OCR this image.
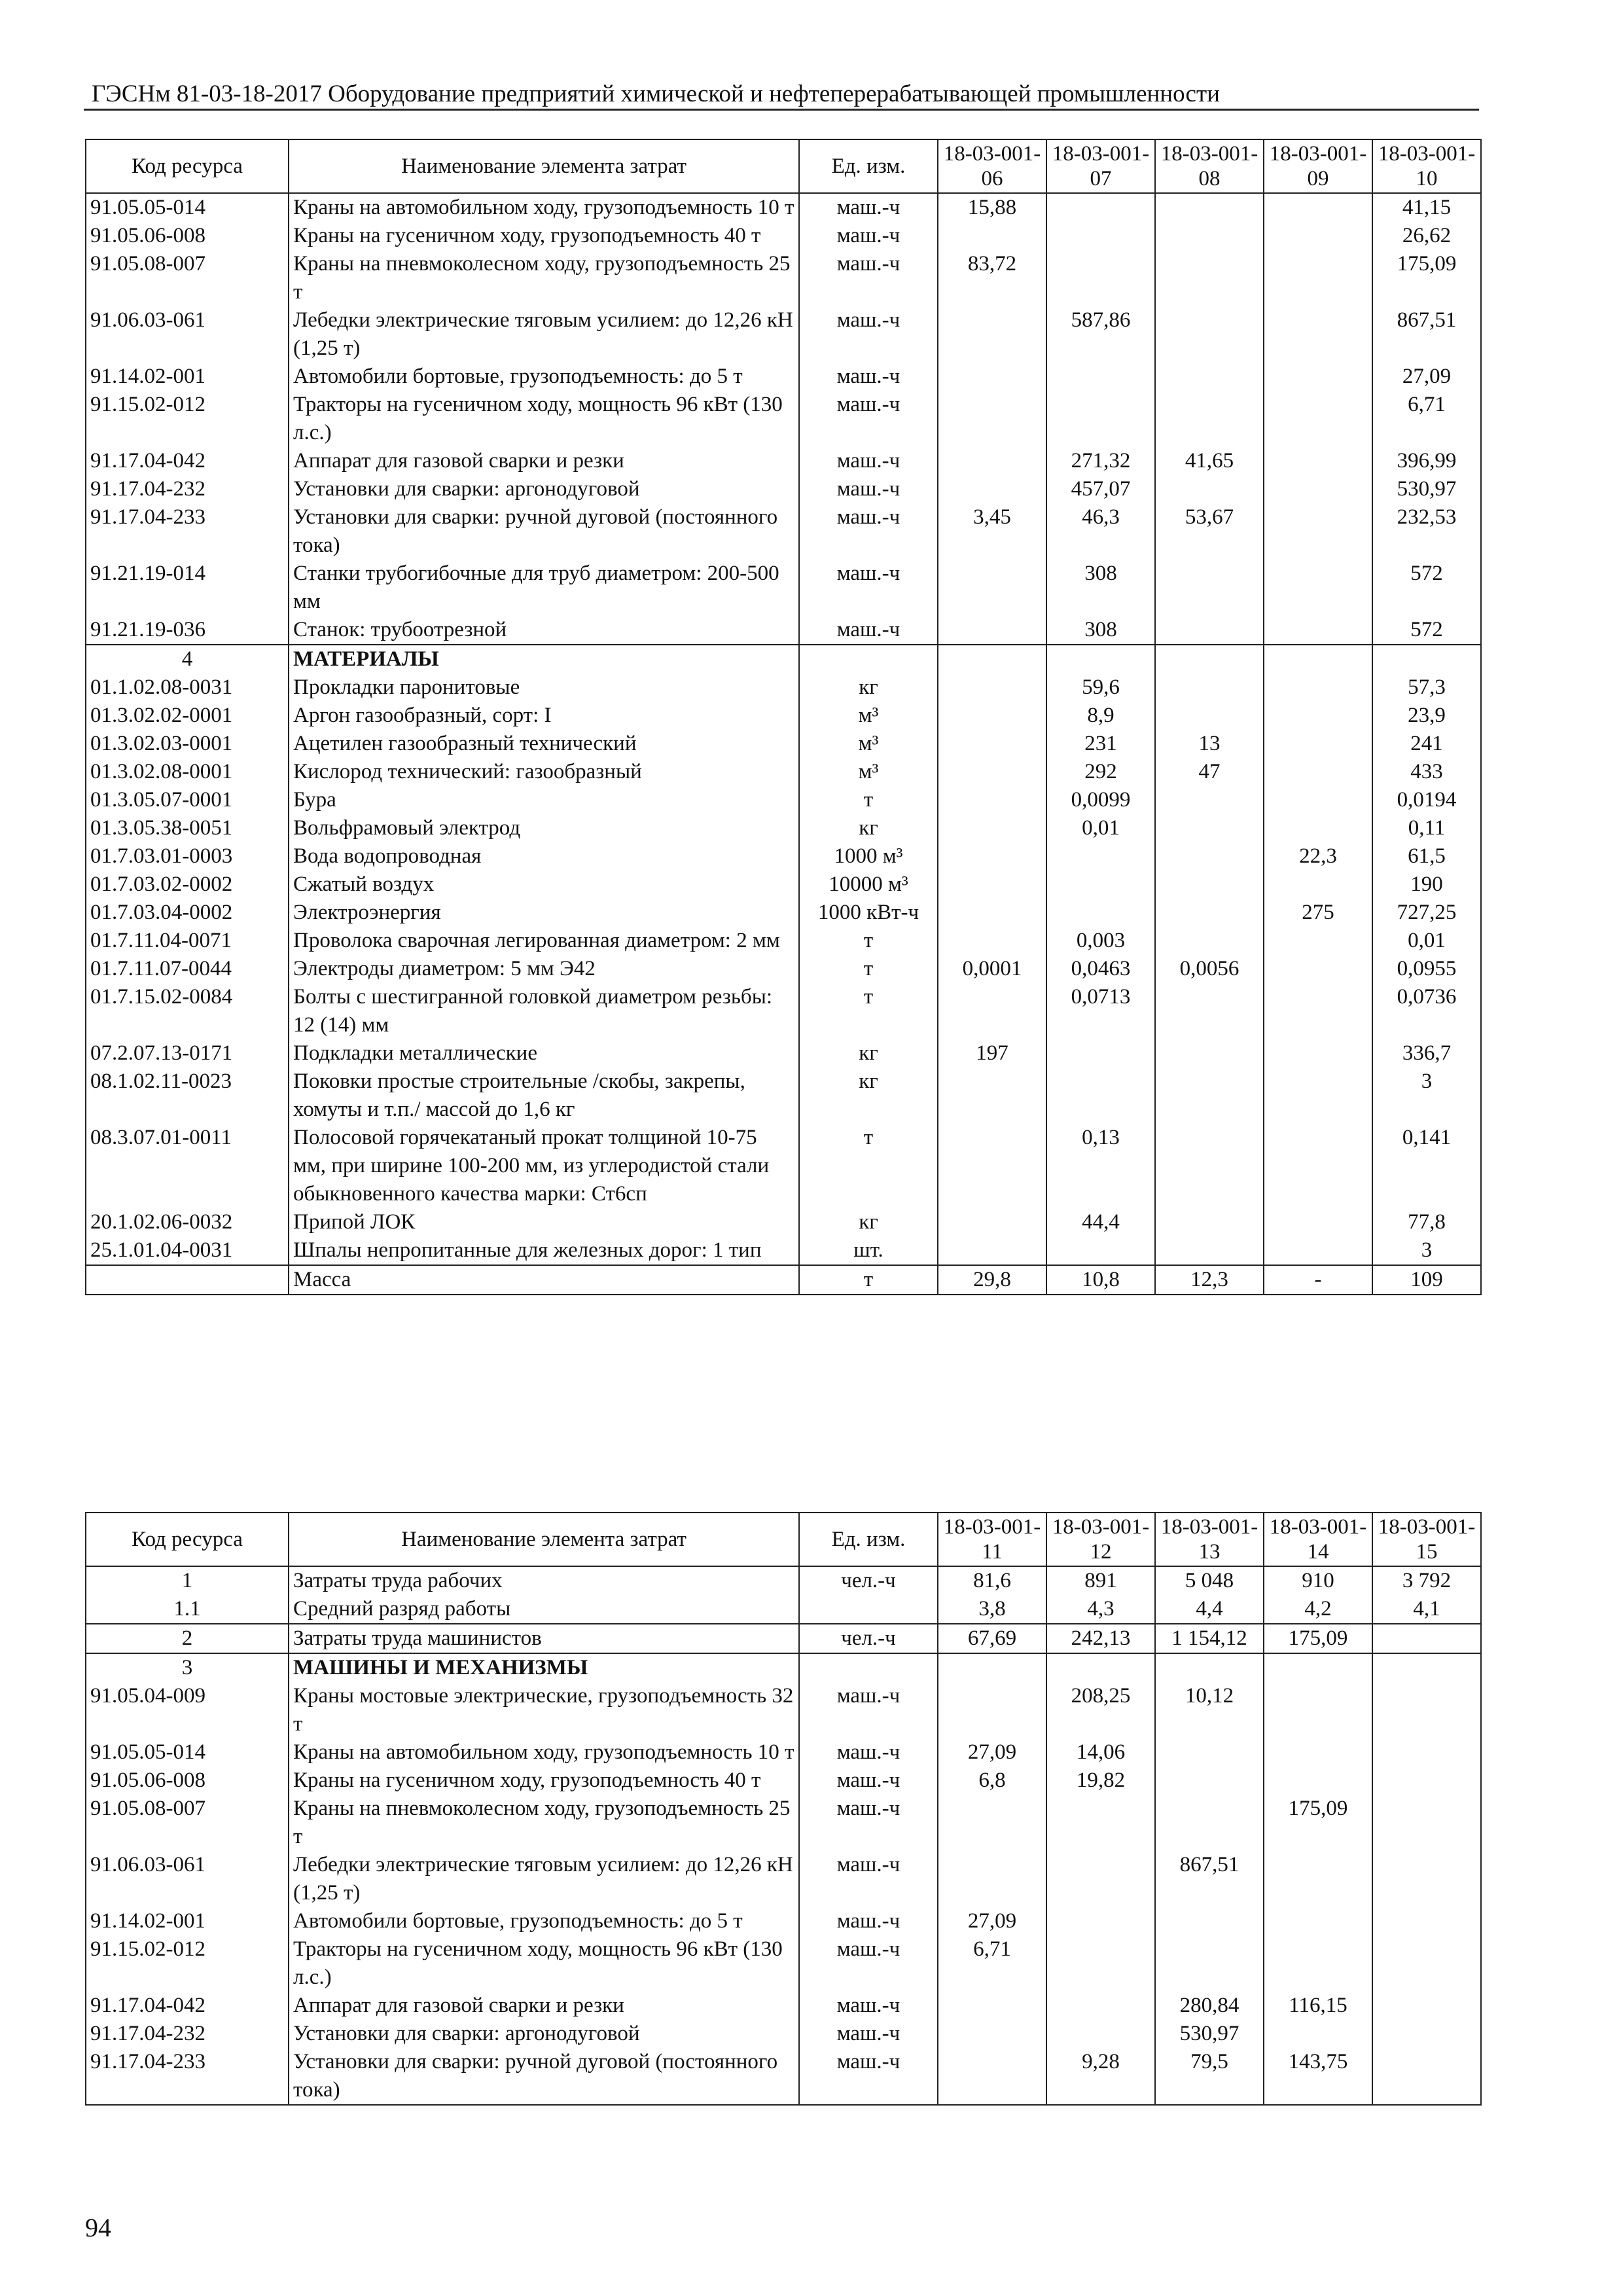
ГЭСНм 81-03-18-2017 Оборудование предприятий химической и нефтеперерабатывающей промышленности
Код ресурса	Наименование элемента затрат	Ед. изм.	18-03-001-06	18-03-001-07	18-03-001-08	18-03-001-09	18-03-001-10
91.05.05-014	Краны на автомобильном ходу, грузоподъемность 10 т	маш.-ч	15,88				41,15
91.05.06-008	Краны на гусеничном ходу, грузоподъемность 40 т	маш.-ч					26,62
91.05.08-007	Краны на пневмоколесном ходу, грузоподъемность 25 т	маш.-ч	83,72				175,09
91.06.03-061	Лебедки электрические тяговым усилием: до 12,26 кН (1,25 т)	маш.-ч		587,86			867,51
91.14.02-001	Автомобили бортовые, грузоподъемность: до 5 т	маш.-ч					27,09
91.15.02-012	Тракторы на гусеничном ходу, мощность 96 кВт (130 л.с.)	маш.-ч					6,71
91.17.04-042	Аппарат для газовой сварки и резки	маш.-ч		271,32	41,65		396,99
91.17.04-232	Установки для сварки: аргонодуговой	маш.-ч		457,07			530,97
91.17.04-233	Установки для сварки: ручной дуговой (постоянного тока)	маш.-ч	3,45	46,3	53,67		232,53
91.21.19-014	Станки трубогибочные для труб диаметром: 200-500 мм	маш.-ч		308			572
91.21.19-036	Станок: трубоотрезной	маш.-ч		308			572
4	МАТЕРИАЛЫ						
01.1.02.08-0031	Прокладки паронитовые	кг		59,6			57,3
01.3.02.02-0001	Аргон газообразный, сорт: I	м³		8,9			23,9
01.3.02.03-0001	Ацетилен газообразный технический	м³		231	13		241
01.3.02.08-0001	Кислород технический: газообразный	м³		292	47		433
01.3.05.07-0001	Бура	т		0,0099			0,0194
01.3.05.38-0051	Вольфрамовый электрод	кг		0,01			0,11
01.7.03.01-0003	Вода водопроводная	1000 м³				22,3	61,5
01.7.03.02-0002	Сжатый воздух	10000 м³					190
01.7.03.04-0002	Электроэнергия	1000 кВт-ч				275	727,25
01.7.11.04-0071	Проволока сварочная легированная диаметром: 2 мм	т		0,003			0,01
01.7.11.07-0044	Электроды диаметром: 5 мм Э42	т	0,0001	0,0463	0,0056		0,0955
01.7.15.02-0084	Болты с шестигранной головкой диаметром резьбы: 12 (14) мм	т		0,0713			0,0736
07.2.07.13-0171	Подкладки металлические	кг	197				336,7
08.1.02.11-0023	Поковки простые строительные /скобы, закрепы, хомуты и т.п./ массой до 1,6 кг	кг					3
08.3.07.01-0011	Полосовой горячекатаный прокат толщиной 10-75 мм, при ширине 100-200 мм, из углеродистой стали обыкновенного качества марки: Ст6сп	т		0,13			0,141
20.1.02.06-0032	Припой ЛОК	кг		44,4			77,8
25.1.01.04-0031	Шпалы непропитанные для железных дорог: 1 тип	шт.					3
	Масса	т	29,8	10,8	12,3	-	109
Код ресурса	Наименование элемента затрат	Ед. изм.	18-03-001-11	18-03-001-12	18-03-001-13	18-03-001-14	18-03-001-15
1	Затраты труда рабочих	чел.-ч	81,6	891	5 048	910	3 792
1.1	Средний разряд работы		3,8	4,3	4,4	4,2	4,1
2	Затраты труда машинистов	чел.-ч	67,69	242,13	1 154,12	175,09	
3	МАШИНЫ И МЕХАНИЗМЫ						
91.05.04-009	Краны мостовые электрические, грузоподъемность 32 т	маш.-ч		208,25	10,12		
91.05.05-014	Краны на автомобильном ходу, грузоподъемность 10 т	маш.-ч	27,09	14,06			
91.05.06-008	Краны на гусеничном ходу, грузоподъемность 40 т	маш.-ч	6,8	19,82			
91.05.08-007	Краны на пневмоколесном ходу, грузоподъемность 25 т	маш.-ч				175,09	
91.06.03-061	Лебедки электрические тяговым усилием: до 12,26 кН (1,25 т)	маш.-ч			867,51		
91.14.02-001	Автомобили бортовые, грузоподъемность: до 5 т	маш.-ч	27,09				
91.15.02-012	Тракторы на гусеничном ходу, мощность 96 кВт (130 л.с.)	маш.-ч	6,71				
91.17.04-042	Аппарат для газовой сварки и резки	маш.-ч			280,84	116,15	
91.17.04-232	Установки для сварки: аргонодуговой	маш.-ч			530,97		
91.17.04-233	Установки для сварки: ручной дуговой (постоянного тока)	маш.-ч		9,28	79,5	143,75	
94
